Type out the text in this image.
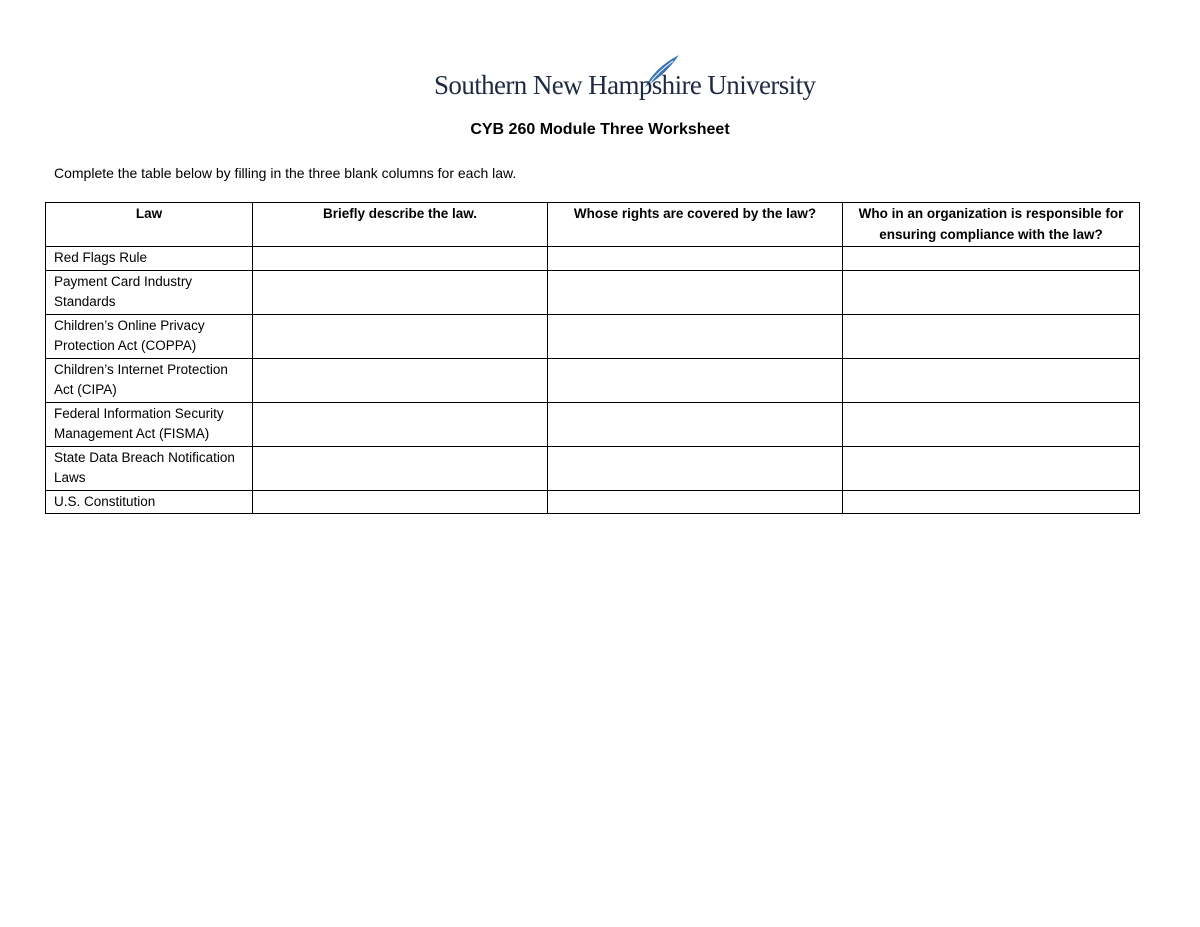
Southern New Hampshire University
CYB 260 Module Three Worksheet
Complete the table below by filling in the three blank columns for each law.
Law	Briefly describe the law.	Whose rights are covered by the law?	Who in an organization is responsible for ensuring compliance with the law?
Red Flags Rule			
Payment Card Industry Standards			
Children’s Online Privacy Protection Act (COPPA)			
Children’s Internet Protection Act (CIPA)			
Federal Information Security Management Act (FISMA)			
State Data Breach Notification Laws			
U.S. Constitution			
